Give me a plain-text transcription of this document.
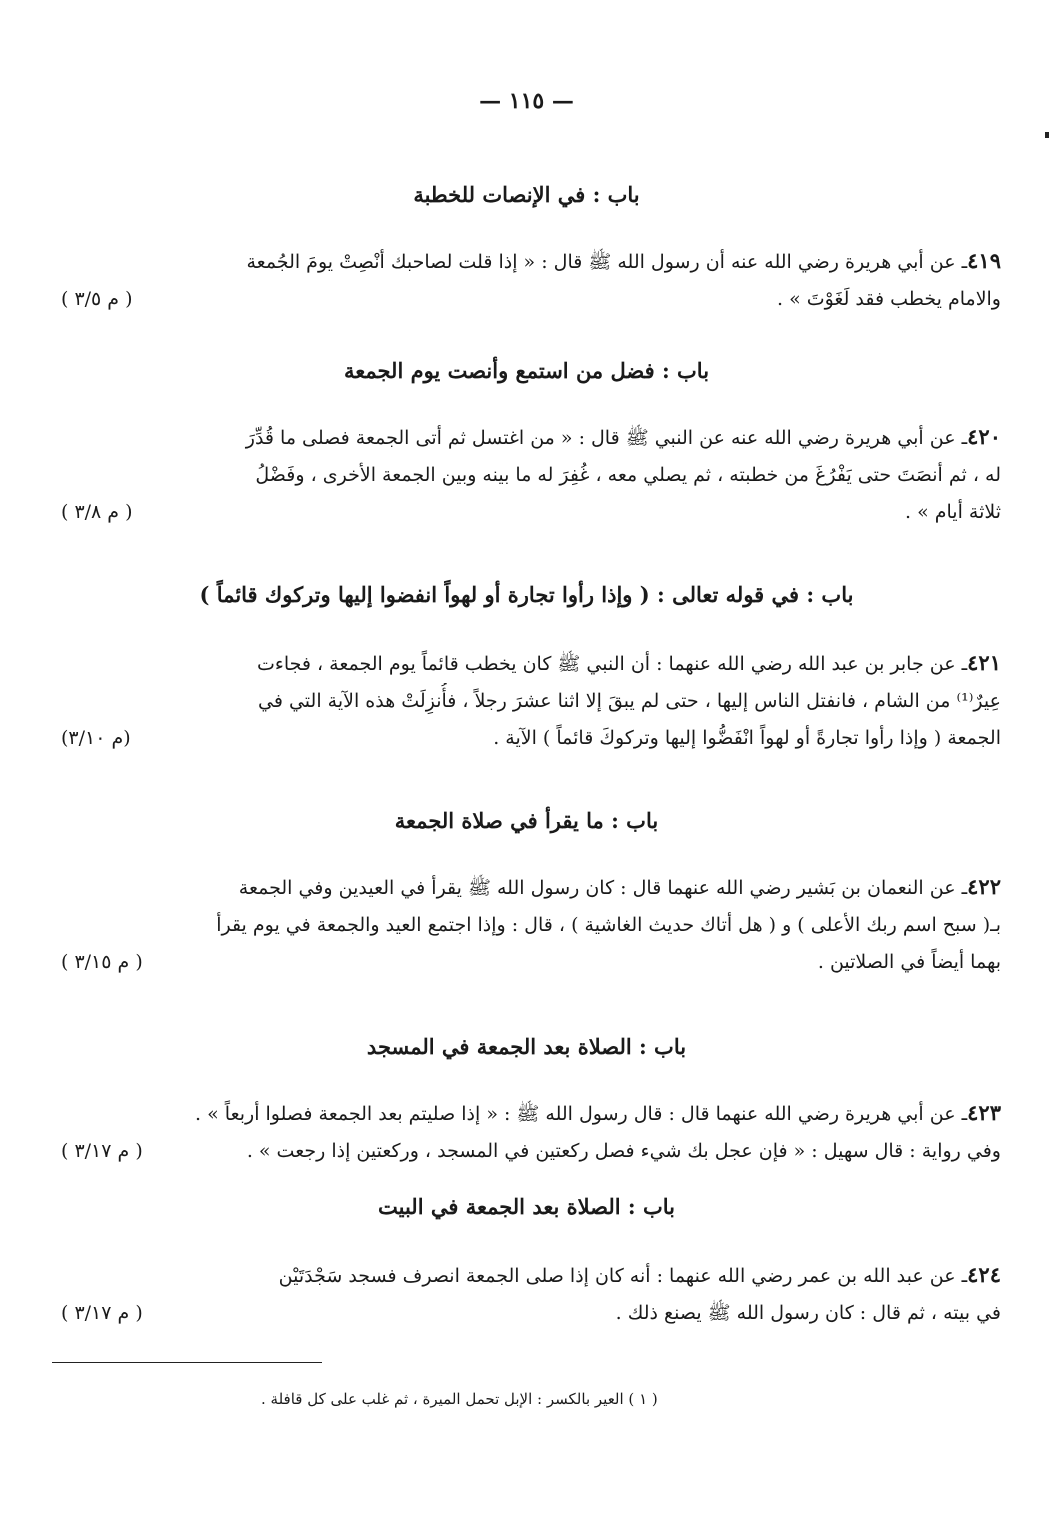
— ١١٥ —
باب : في الإنصات للخطبة
٤١٩ـ عن أبي هريرة رضي الله عنه أن رسول الله ﷺ قال : « إذا قلت لصاحبك أنْصِتْ يومَ الجُمعة
والامام يخطب فقد لَغَوْتَ » .
( م ٣/٥ )
باب : فضل من استمع وأنصت يوم الجمعة
٤٢٠ـ عن أبي هريرة رضي الله عنه عن النبي ﷺ قال : « من اغتسل ثم أتى الجمعة فصلى ما قُدِّرَ
له ، ثم أنصَتَ حتى يَفْرُغَ من خطبته ، ثم يصلي معه ، غُفِرَ له ما بينه وبين الجمعة الأخرى ، وفَضْلُ
ثلاثة أيام » .
( م ٣/٨ )
باب : في قوله تعالى : ( وإذا رأوا تجارة أو لهواً انفضوا إليها وتركوك قائماً )
٤٢١ـ عن جابر بن عبد الله رضي الله عنهما : أن النبي ﷺ كان يخطب قائماً يوم الجمعة ، فجاءت
عِيرٌ⁽¹⁾ من الشام ، فانفتل الناس إليها ، حتى لم يبقَ إلا اثنا عشرَ رجلاً ، فأُنزِلَتْ هذه الآية التي في
الجمعة ( وإذا رأوا تجارةً أو لهواً انْفَضُّوا إليها وتركوكَ قائماً ) الآية .
(م ٣/١٠)
باب : ما يقرأ في صلاة الجمعة
٤٢٢ـ عن النعمان بن بَشير رضي الله عنهما قال : كان رسول الله ﷺ يقرأ في العيدين وفي الجمعة
بـ( سبح اسم ربك الأعلى ) و ( هل أتاك حديث الغاشية ) ، قال : وإذا اجتمع العيد والجمعة في يوم يقرأ
بهما أيضاً في الصلاتين .
( م ٣/١٥ )
باب : الصلاة بعد الجمعة في المسجد
٤٢٣ـ عن أبي هريرة رضي الله عنهما قال : قال رسول الله ﷺ : « إذا صليتم بعد الجمعة فصلوا أربعاً » .
وفي رواية : قال سهيل : « فإن عجل بك شيء فصل ركعتين في المسجد ، وركعتين إذا رجعت » .
( م ٣/١٧ )
باب : الصلاة بعد الجمعة في البيت
٤٢٤ـ عن عبد الله بن عمر رضي الله عنهما : أنه كان إذا صلى الجمعة انصرف فسجد سَجْدَتَيْن
في بيته ، ثم قال : كان رسول الله ﷺ يصنع ذلك .
( م ٣/١٧ )
( ١ ) العير بالكسر : الإبل تحمل الميرة ، ثم غلب على كل قافلة .
